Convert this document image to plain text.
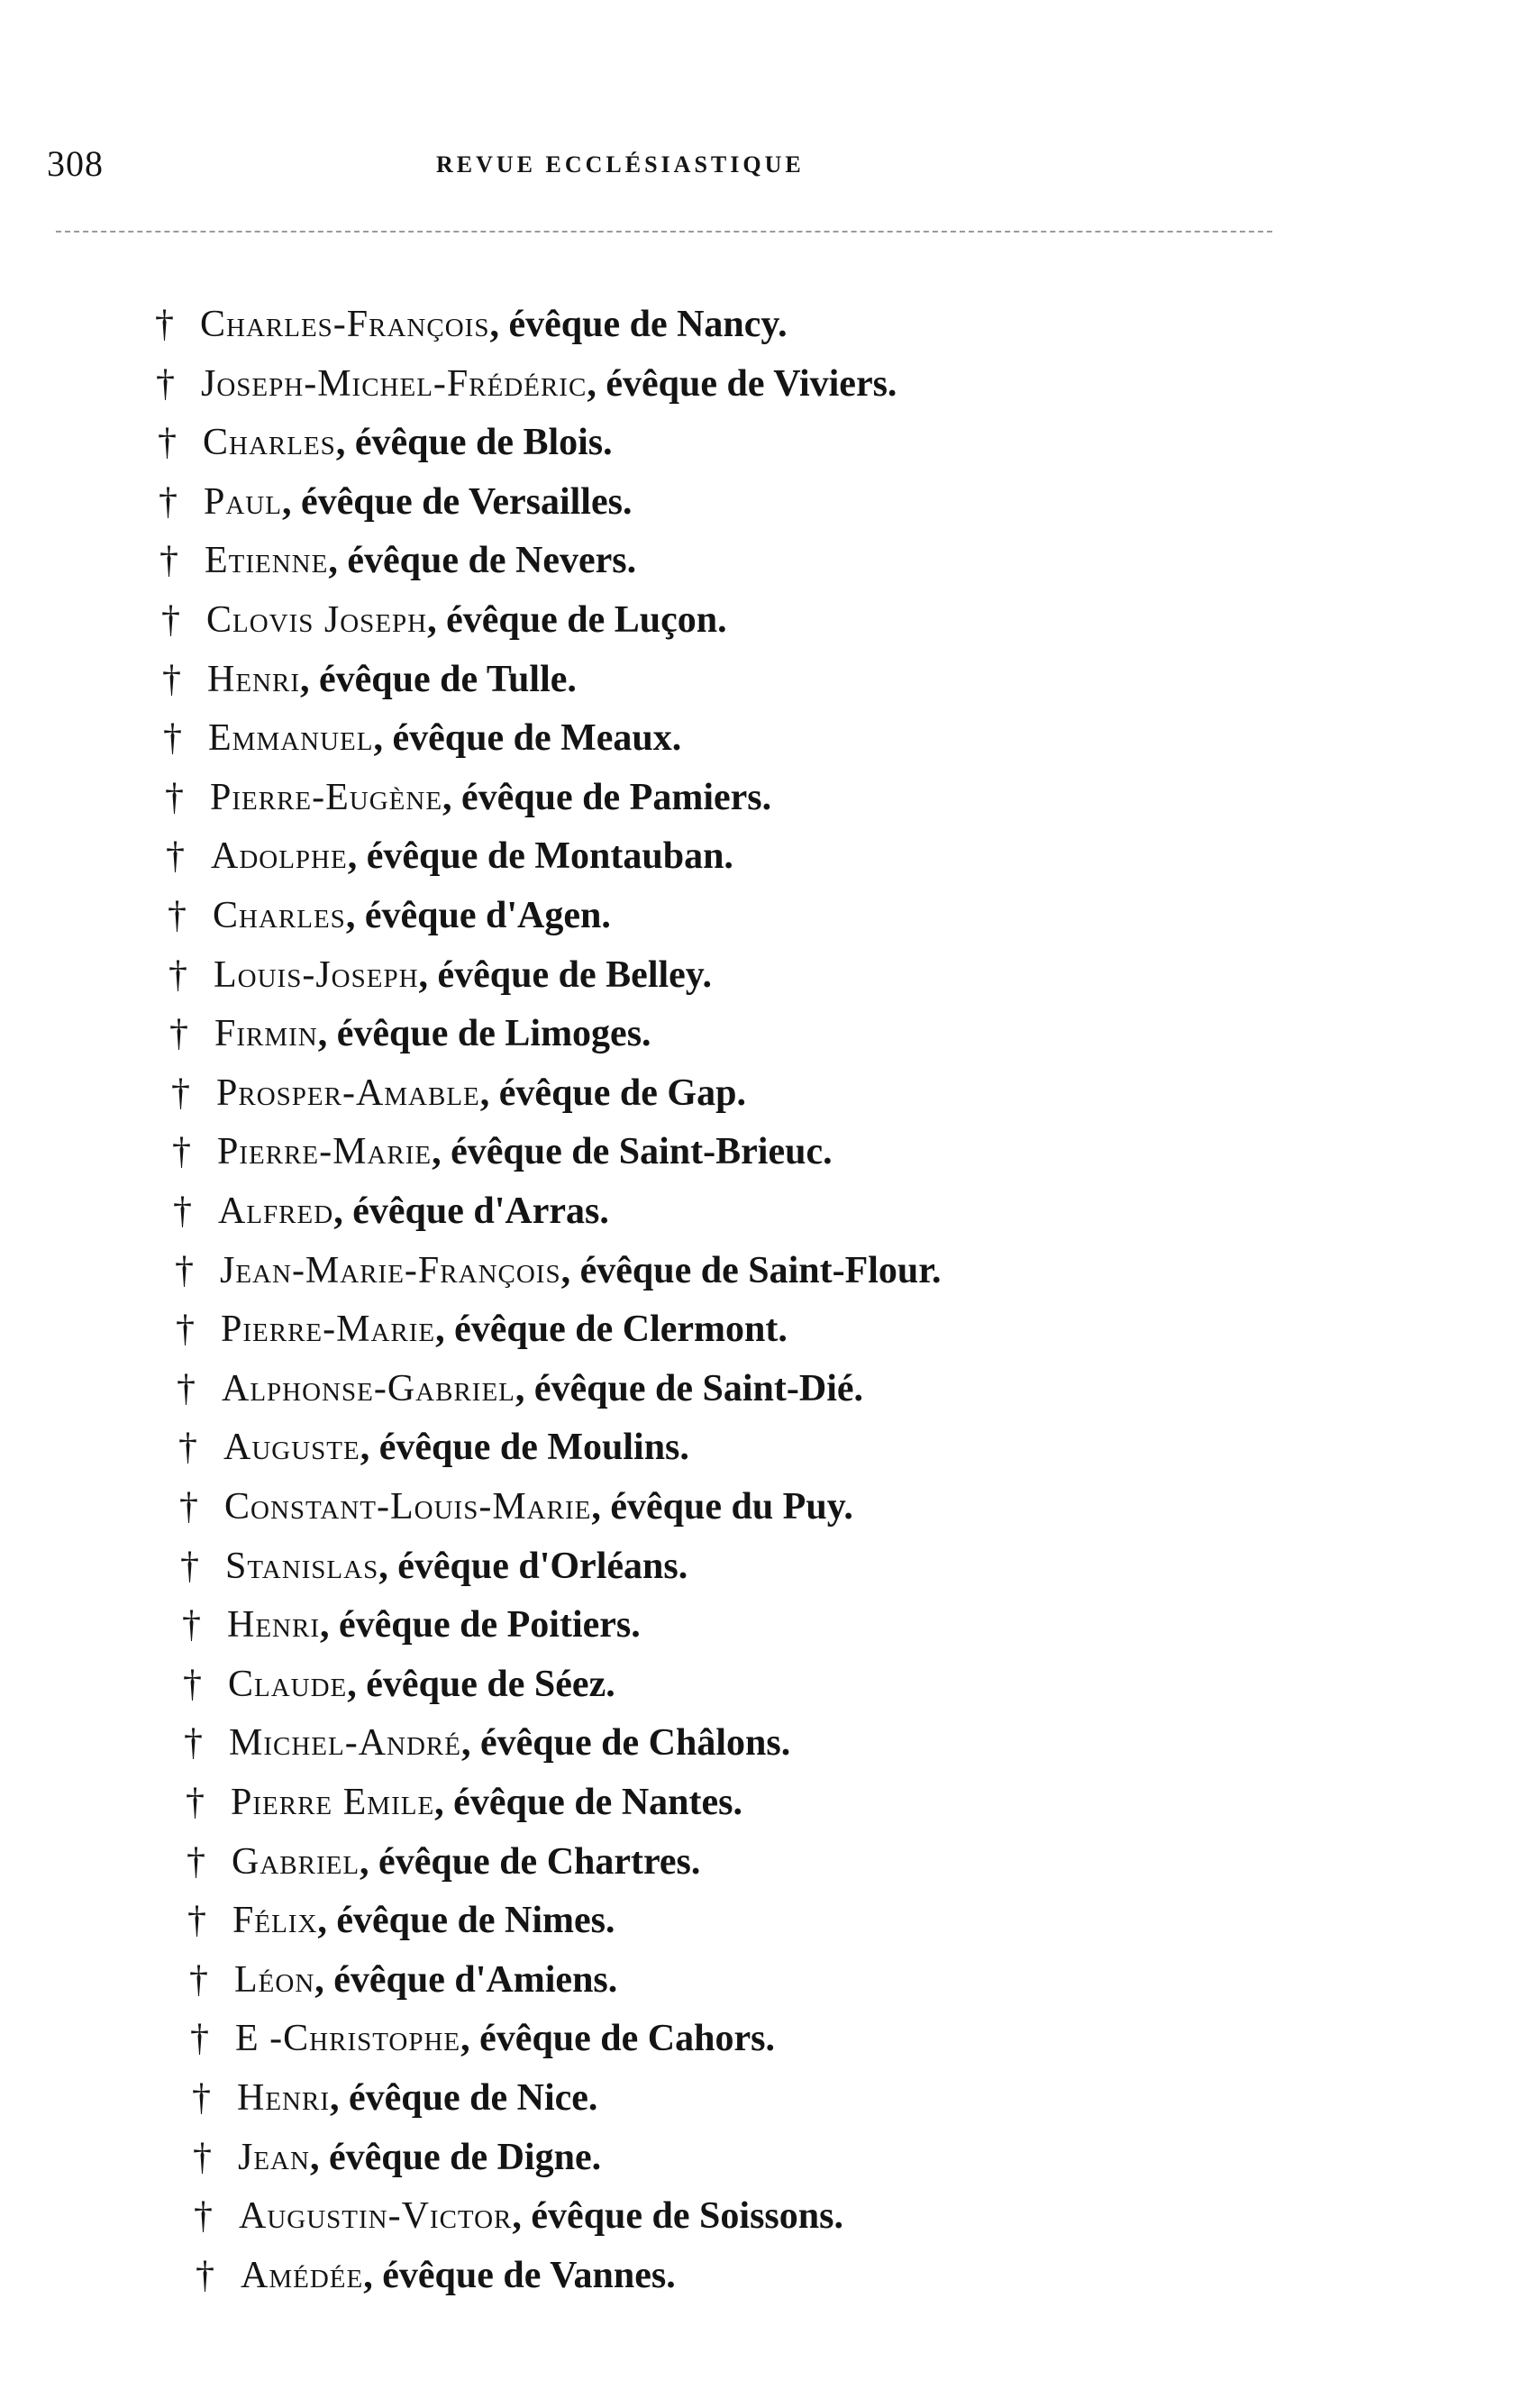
308	REVUE ECCLÉSIASTIQUE
† Charles-François, évêque de Nancy.
† Joseph-Michel-Frédéric, évêque de Viviers.
† Charles, évêque de Blois.
† Paul, évêque de Versailles.
† Etienne, évêque de Nevers.
† Clovis Joseph, évêque de Luçon.
† Henri, évêque de Tulle.
† Emmanuel, évêque de Meaux.
† Pierre-Eugène, évêque de Pamiers.
† Adolphe, évêque de Montauban.
† Charles, évêque d'Agen.
† Louis-Joseph, évêque de Belley.
† Firmin, évêque de Limoges.
† Prosper-Amable, évêque de Gap.
† Pierre-Marie, évêque de Saint-Brieuc.
† Alfred, évêque d'Arras.
† Jean-Marie-François, évêque de Saint-Flour.
† Pierre-Marie, évêque de Clermont.
† Alphonse-Gabriel, évêque de Saint-Dié.
† Auguste, évêque de Moulins.
† Constant-Louis-Marie, évêque du Puy.
† Stanislas, évêque d'Orléans.
† Henri, évêque de Poitiers.
† Claude, évêque de Séez.
† Michel-André, évêque de Châlons.
† Pierre Emile, évêque de Nantes.
† Gabriel, évêque de Chartres.
† Félix, évêque de Nimes.
† Léon, évêque d'Amiens.
† E -Christophe, évêque de Cahors.
† Henri, évêque de Nice.
† Jean, évêque de Digne.
† Augustin-Victor, évêque de Soissons.
† Amédée, évêque de Vannes.
